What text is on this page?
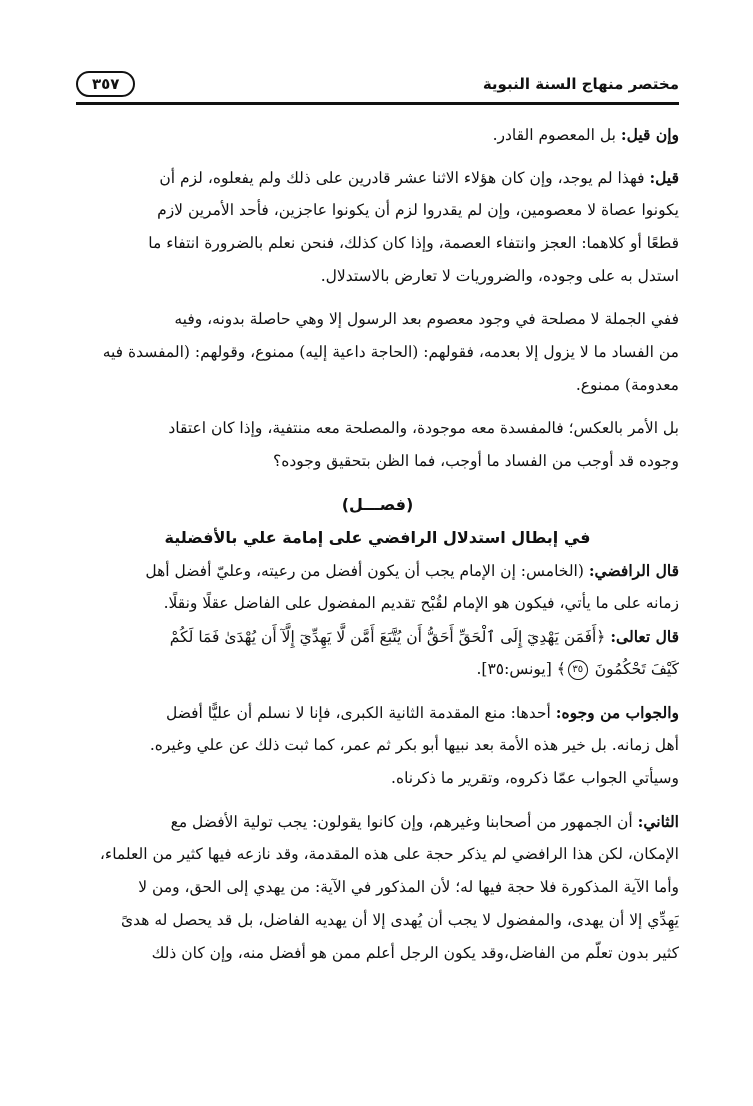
مختصر منهاج السنة النبوية
٣٥٧
وإن قيل: بل المعصوم القادر.
قيل: فهذا لم يوجد، وإن كان هؤلاء الاثنا عشر قادرين على ذلك ولم يفعلوه، لزم أن
يكونوا عصاة لا معصومين، وإن لم يقدروا لزم أن يكونوا عاجزين، فأحد الأمرين لازم
قطعًا أو كلاهما: العجز وانتفاء العصمة، وإذا كان كذلك، فنحن نعلم بالضرورة انتفاء ما
استدل به على وجوده، والضروريات لا تعارض بالاستدلال.
ففي الجملة لا مصلحة في وجود معصوم بعد الرسول إلا وهي حاصلة بدونه، وفيه
من الفساد ما لا يزول إلا بعدمه، فقولهم: (الحاجة داعية إليه) ممنوع، وقولهم: (المفسدة فيه
معدومة) ممنوع.
بل الأمر بالعكس؛ فالمفسدة معه موجودة، والمصلحة معه منتفية، وإذا كان اعتقاد
وجوده قد أوجب من الفساد ما أوجب، فما الظن بتحقيق وجوده؟
(فصـــل)
في إبطال استدلال الرافضي على إمامة علي بالأفضلية
قال الرافضي: (الخامس: إن الإمام يجب أن يكون أفضل من رعيته، وعليّ أفضل أهل
زمانه على ما يأتي، فيكون هو الإمام لقُبْح تقديم المفضول على الفاضل عقلًا ونقلًا.
قال تعالى: ﴿أَفَمَن يَهْدِيٓ إِلَى ٱلْحَقِّ أَحَقُّ أَن يُتَّبَعَ أَمَّن لَّا يَهِدِّيٓ إِلَّآ أَن يُهْدَىٰ فَمَا لَكُمْ
كَيْفَ تَحْكُمُونَ ٣٥﴾ [يونس:٣٥].
والجواب من وجوه: أحدها: منع المقدمة الثانية الكبرى، فإنا لا نسلم أن عليًّا أفضل
أهل زمانه. بل خير هذه الأمة بعد نبيها أبو بكر ثم عمر، كما ثبت ذلك عن علي وغيره.
وسيأتي الجواب عمّا ذكروه، وتقرير ما ذكرناه.
الثاني: أن الجمهور من أصحابنا وغيرهم، وإن كانوا يقولون: يجب تولية الأفضل مع
الإمكان، لكن هذا الرافضي لم يذكر حجة على هذه المقدمة، وقد نازعه فيها كثير من العلماء،
وأما الآية المذكورة فلا حجة فيها له؛ لأن المذكور في الآية: من يهدي إلى الحق، ومن لا
يَهِدِّي إلا أن يهدى، والمفضول لا يجب أن يُهدى إلا أن يهديه الفاضل، بل قد يحصل له هدىً
كثير بدون تعلّم من الفاضل،وقد يكون الرجل أعلم ممن هو أفضل منه، وإن كان ذلك
